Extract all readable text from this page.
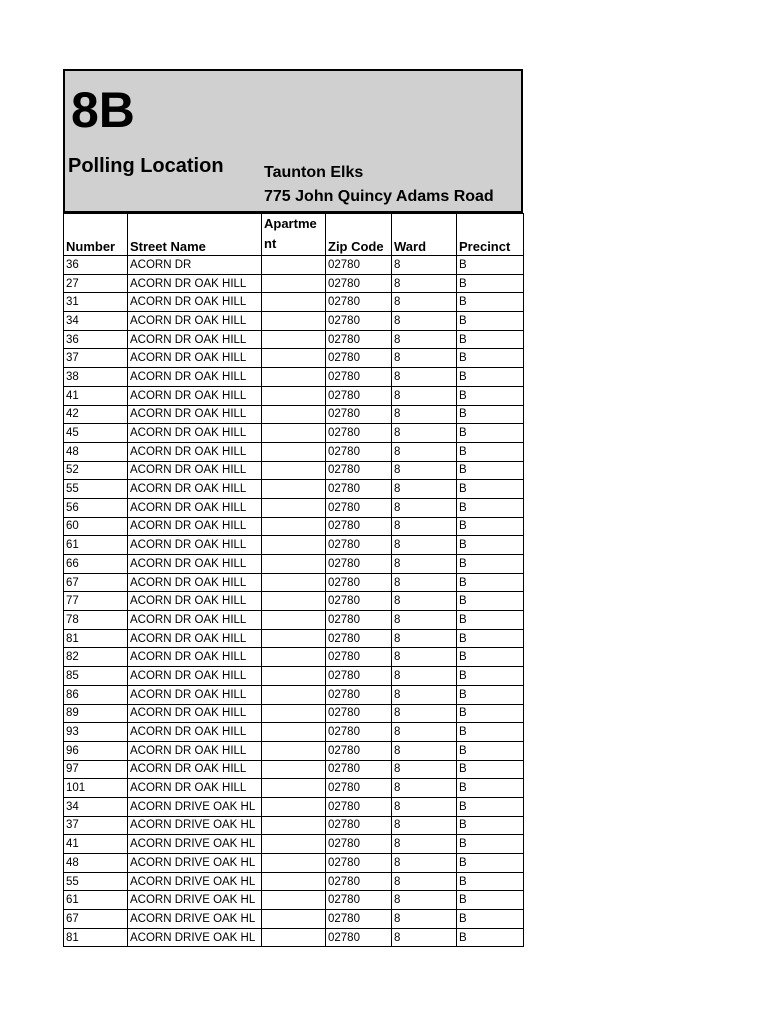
8B
Polling Location	Taunton Elks
775 John Quincy Adams Road
Number	Street Name	Apartment	Zip Code	Ward	Precinct
36	ACORN DR		02780	8	B
27	ACORN DR OAK HILL		02780	8	B
31	ACORN DR OAK HILL		02780	8	B
34	ACORN DR OAK HILL		02780	8	B
36	ACORN DR OAK HILL		02780	8	B
37	ACORN DR OAK HILL		02780	8	B
38	ACORN DR OAK HILL		02780	8	B
41	ACORN DR OAK HILL		02780	8	B
42	ACORN DR OAK HILL		02780	8	B
45	ACORN DR OAK HILL		02780	8	B
48	ACORN DR OAK HILL		02780	8	B
52	ACORN DR OAK HILL		02780	8	B
55	ACORN DR OAK HILL		02780	8	B
56	ACORN DR OAK HILL		02780	8	B
60	ACORN DR OAK HILL		02780	8	B
61	ACORN DR OAK HILL		02780	8	B
66	ACORN DR OAK HILL		02780	8	B
67	ACORN DR OAK HILL		02780	8	B
77	ACORN DR OAK HILL		02780	8	B
78	ACORN DR OAK HILL		02780	8	B
81	ACORN DR OAK HILL		02780	8	B
82	ACORN DR OAK HILL		02780	8	B
85	ACORN DR OAK HILL		02780	8	B
86	ACORN DR OAK HILL		02780	8	B
89	ACORN DR OAK HILL		02780	8	B
93	ACORN DR OAK HILL		02780	8	B
96	ACORN DR OAK HILL		02780	8	B
97	ACORN DR OAK HILL		02780	8	B
101	ACORN DR OAK HILL		02780	8	B
34	ACORN DRIVE OAK HL		02780	8	B
37	ACORN DRIVE OAK HL		02780	8	B
41	ACORN DRIVE OAK HL		02780	8	B
48	ACORN DRIVE OAK HL		02780	8	B
55	ACORN DRIVE OAK HL		02780	8	B
61	ACORN DRIVE OAK HL		02780	8	B
67	ACORN DRIVE OAK HL		02780	8	B
81	ACORN DRIVE OAK HL		02780	8	B
